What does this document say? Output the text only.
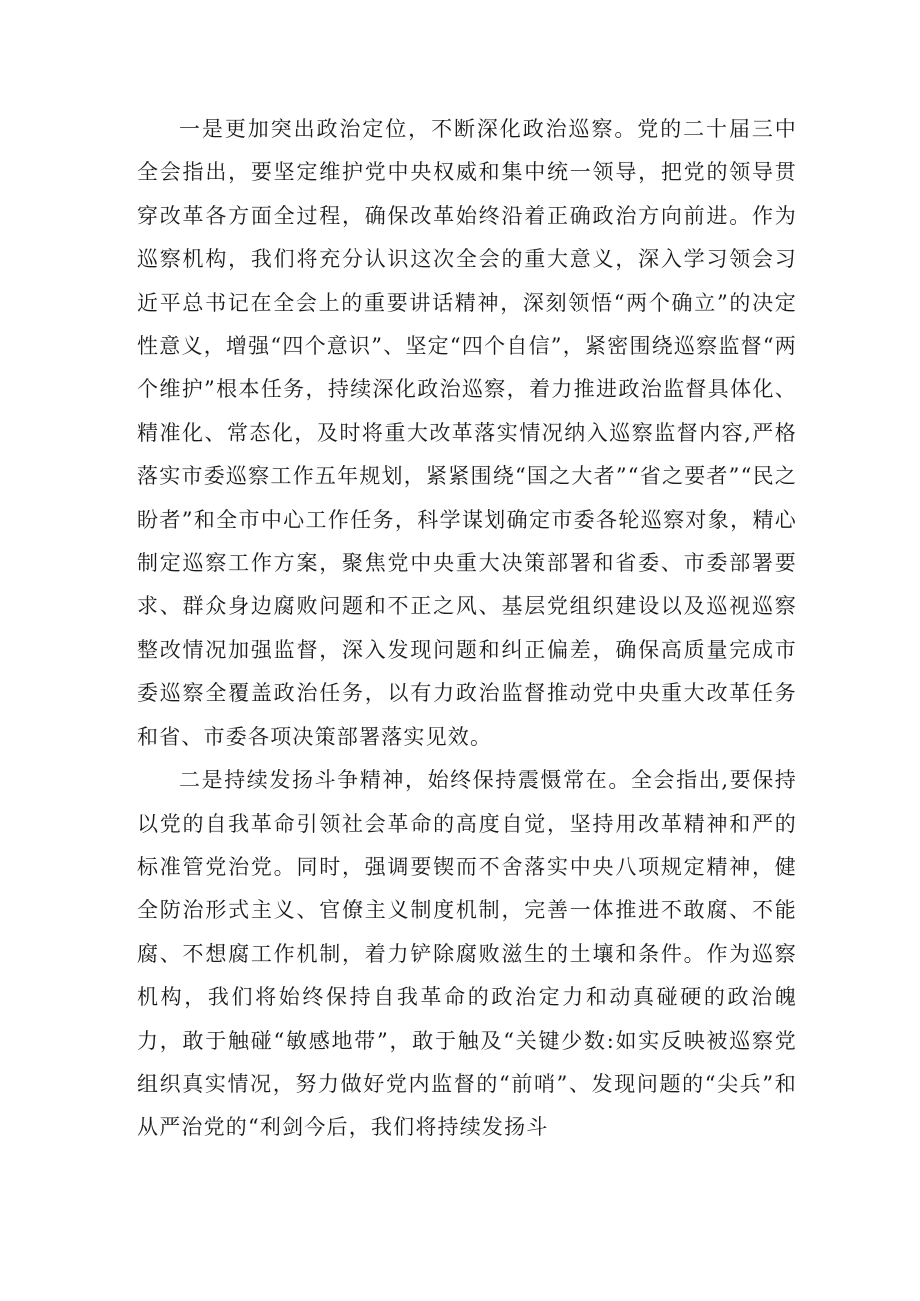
一是更加突出政治定位，不断深化政治巡察。党的二十届三中全会指出，要坚定维护党中央权威和集中统一领导，把党的领导贯穿改革各方面全过程，确保改革始终沿着正确政治方向前进。作为巡察机构，我们将充分认识这次全会的重大意义，深入学习领会习近平总书记在全会上的重要讲话精神，深刻领悟“两个确立”的决定性意义，增强“四个意识”、坚定“四个自信”，紧密围绕巡察监督“两个维护”根本任务，持续深化政治巡察，着力推进政治监督具体化、精准化、常态化，及时将重大改革落实情况纳入巡察监督内容,严格落实市委巡察工作五年规划，紧紧围绕“国之大者”“省之要者”“民之盼者”和全市中心工作任务，科学谋划确定市委各轮巡察对象，精心制定巡察工作方案，聚焦党中央重大决策部署和省委、市委部署要求、群众身边腐败问题和不正之风、基层党组织建设以及巡视巡察整改情况加强监督，深入发现问题和纠正偏差，确保高质量完成市委巡察全覆盖政治任务，以有力政治监督推动党中央重大改革任务和省、市委各项决策部署落实见效。

二是持续发扬斗争精神，始终保持震慑常在。全会指出,要保持以党的自我革命引领社会革命的高度自觉，坚持用改革精神和严的标准管党治党。同时，强调要锲而不舍落实中央八项规定精神，健全防治形式主义、官僚主义制度机制，完善一体推进不敢腐、不能腐、不想腐工作机制，着力铲除腐败滋生的土壤和条件。作为巡察机构，我们将始终保持自我革命的政治定力和动真碰硬的政治魄力，敢于触碰“敏感地带”，敢于触及“关键少数:如实反映被巡察党组织真实情况，努力做好党内监督的“前哨”、发现问题的“尖兵”和从严治党的“利剑今后，我们将持续发扬斗
